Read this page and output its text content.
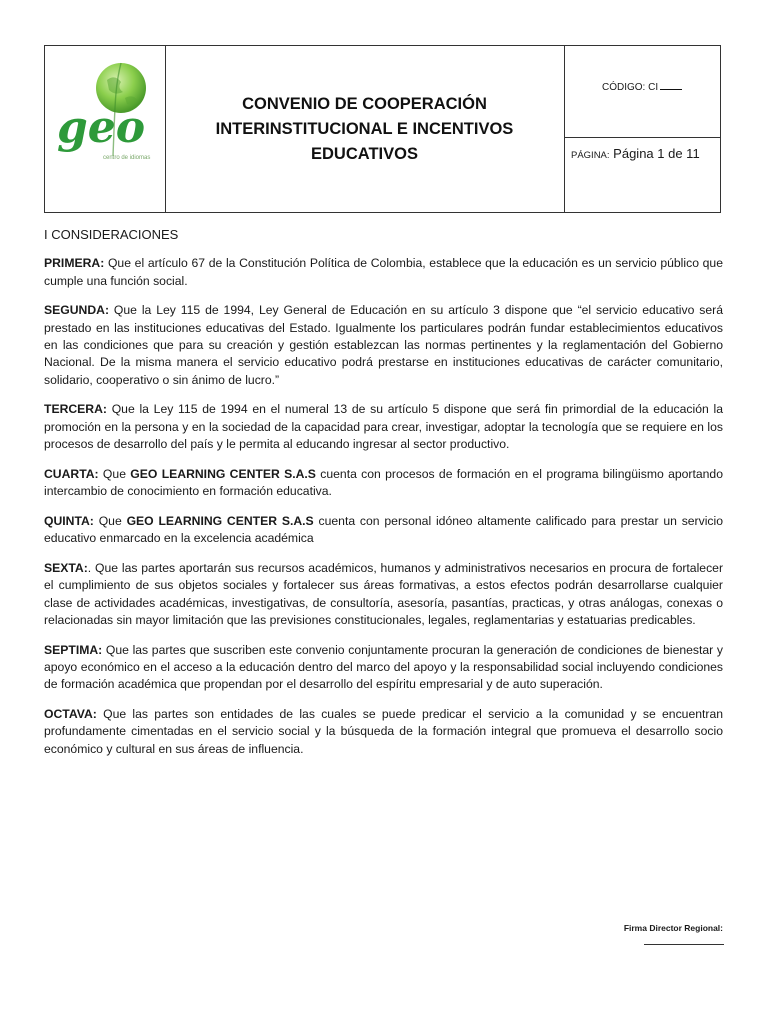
geo
centro de idiomas
CONVENIO DE COOPERACIÓN INTERINSTITUCIONAL E INCENTIVOS EDUCATIVOS
CÓDIGO: CI
PÁGINA: Página 1 de 11
I CONSIDERACIONES

PRIMERA: Que el artículo 67 de la Constitución Política de Colombia, establece que la educación es un servicio público que cumple una función social.

SEGUNDA: Que la Ley 115 de 1994, Ley General de Educación en su artículo 3 dispone que “el servicio educativo será prestado en las instituciones educativas del Estado. Igualmente los particulares podrán fundar establecimientos educativos en las condiciones que para su creación y gestión establezcan las normas pertinentes y la reglamentación del Gobierno Nacional. De la misma manera el servicio educativo podrá prestarse en instituciones educativas de carácter comunitario, solidario, cooperativo o sin ánimo de lucro.”

TERCERA: Que la Ley 115 de 1994 en el numeral 13 de su artículo 5 dispone que será fin primordial de la educación la promoción en la persona y en la sociedad de la capacidad para crear, investigar, adoptar la tecnología que se requiere en los procesos de desarrollo del país y le permita al educando ingresar al sector productivo.

CUARTA: Que GEO LEARNING CENTER S.A.S cuenta con procesos de formación en el programa bilingüismo aportando intercambio de conocimiento en formación educativa.

QUINTA: Que GEO LEARNING CENTER S.A.S cuenta con personal idóneo altamente calificado para prestar un servicio educativo enmarcado en la excelencia académica

SEXTA:. Que las partes aportarán sus recursos académicos, humanos y administrativos necesarios en procura de fortalecer el cumplimiento de sus objetos sociales y fortalecer sus áreas formativas, a estos efectos podrán desarrollarse cualquier clase de actividades académicas, investigativas, de consultoría, asesoría, pasantías, practicas, y otras análogas, conexas o relacionadas sin mayor limitación que las previsiones constitucionales, legales, reglamentarias y estatuarias predicables.

SEPTIMA: Que las partes que suscriben este convenio conjuntamente procuran la generación de condiciones de bienestar y apoyo económico en el acceso a la educación dentro del marco del apoyo y la responsabilidad social incluyendo condiciones de formación académica que propendan por el desarrollo del espíritu empresarial y de auto superación.

OCTAVA: Que las partes son entidades de las cuales se puede predicar el servicio a la comunidad y se encuentran profundamente cimentadas en el servicio social y la búsqueda de la formación integral que promueva el desarrollo socio económico y cultural en sus áreas de influencia.

Firma Director Regional:
